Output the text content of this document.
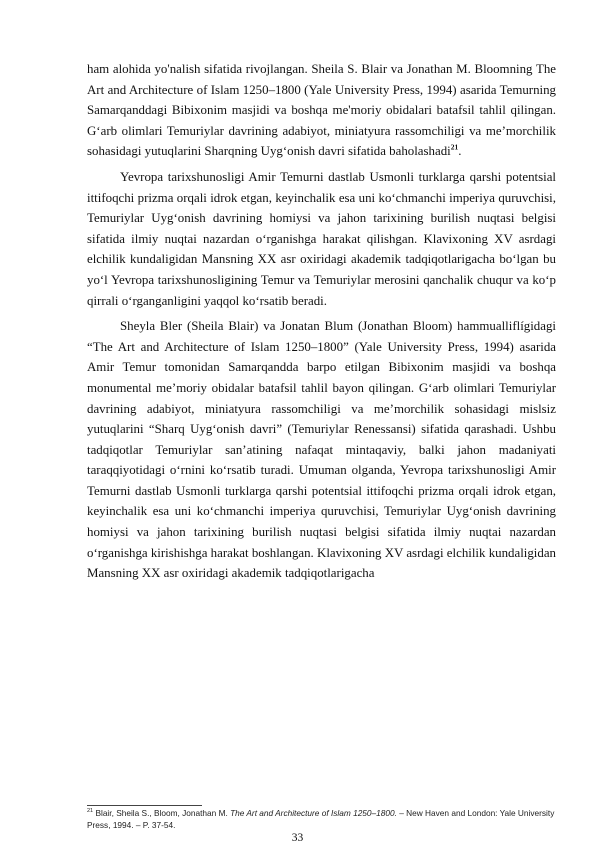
ham alohida yo'nalish sifatida rivojlangan. Sheila S. Blair va Jonathan M. Bloomning The Art and Architecture of Islam 1250–1800 (Yale University Press, 1994) asarida Temurning Samarqanddagi Bibixonim masjidi va boshqa me'moriy obidalari batafsil tahlil qilingan. G‘arb olimlari Temuriylar davrining adabiyot, miniatyura rassomchiligi va me’morchilik sohasidagi yutuqlarini Sharqning Uyg‘onish davri sifatida baholashadi$^{21}$.

Yevropa tarixshunosligi Amir Temurni dastlab Usmonli turklarga qarshi potentsial ittifoqchi prizma orqali idrok etgan, keyinchalik esa uni ko‘chmanchi imperiya quruvchisi, Temuriylar Uyg‘onish davrining homiysi va jahon tarixining burilish nuqtasi belgisi sifatida ilmiy nuqtai nazardan o‘rganishga harakat qilishgan. Klavixoning XV asrdagi elchilik kundaligidan Mansning XX asr oxiridagi akademik tadqiqotlarigacha bo‘lgan bu yo‘l Yevropa tarixshunosligining Temur va Temuriylar merosini qanchalik chuqur va ko‘p qirrali o‘rganganligini yaqqol ko‘rsatib beradi.

Sheyla Bler (Sheila Blair) va Jonatan Blum (Jonathan Bloom) hammualliflígidagi “The Art and Architecture of Islam 1250–1800” (Yale University Press, 1994) asarida Amir Temur tomonidan Samarqandda barpo etilgan Bibixonim masjidi va boshqa monumental me’moriy obidalar batafsil tahlil bayon qilingan. G‘arb olimlari Temuriylar davrining adabiyot, miniatyura rassomchiligi va me’morchilik sohasidagi mislsiz yutuqlarini “Sharq Uyg‘onish davri” (Temuriylar Renessansi) sifatida qarashadi. Ushbu tadqiqotlar Temuriylar san’atining nafaqat mintaqaviy, balki jahon madaniyati taraqqiyotidagi o‘rnini ko‘rsatib turadi. Umuman olganda, Yevropa tarixshunosligi Amir Temurni dastlab Usmonli turklarga qarshi potentsial ittifoqchi prizma orqali idrok etgan, keyinchalik esa uni ko‘chmanchi imperiya quruvchisi, Temuriylar Uyg‘onish davrining homiysi va jahon tarixining burilish nuqtasi belgisi sifatida ilmiy nuqtai nazardan o‘rganishga kirishishga harakat boshlangan. Klavixoning XV asrdagi elchilik kundaligidan Mansning XX asr oxiridagi akademik tadqiqotlarigacha

$^{21}$ Blair, Sheila S., Bloom, Jonathan M. The Art and Architecture of Islam 1250–1800. – New Haven and London: Yale University Press, 1994. – P. 37-54.
33
